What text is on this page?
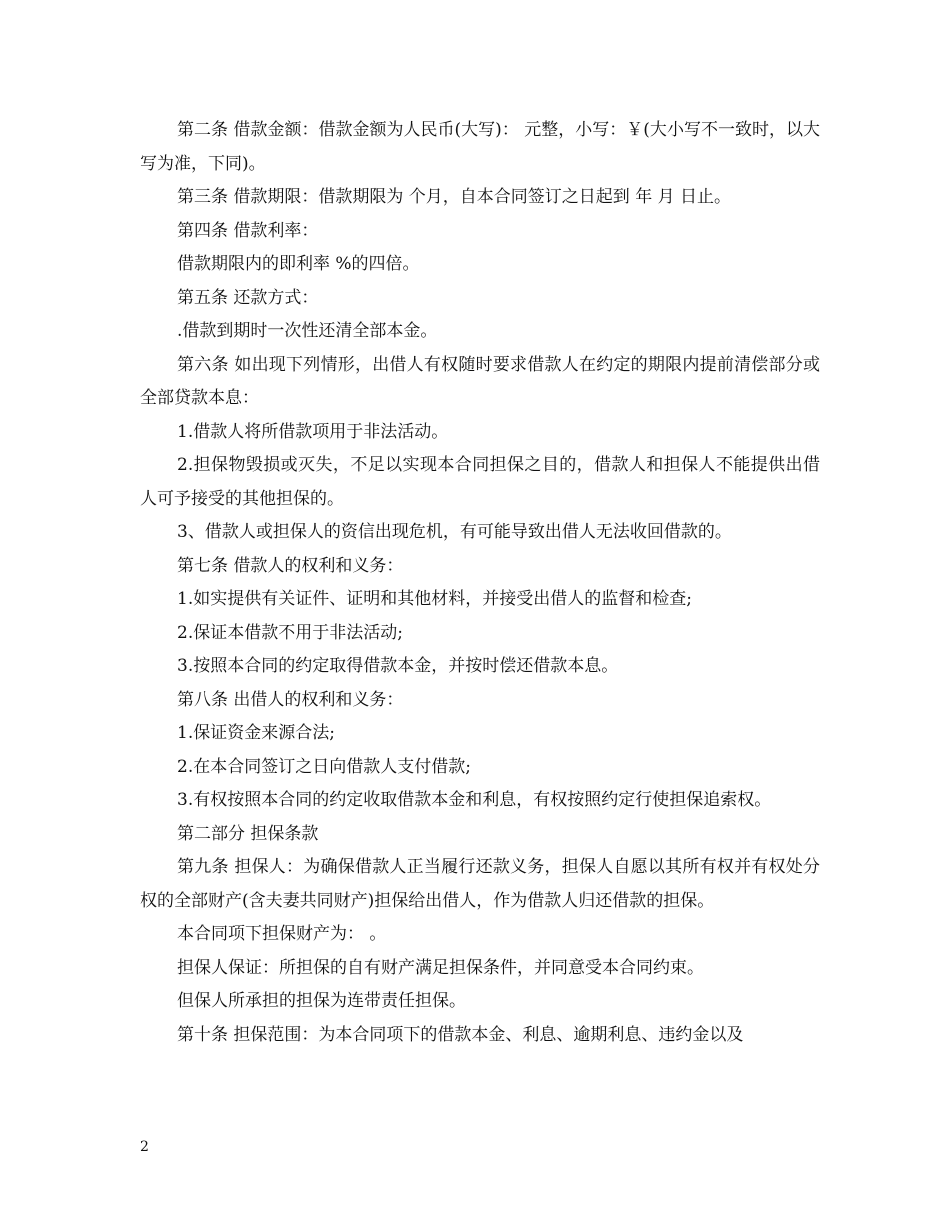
第二条 借款金额：借款金额为人民币(大写)： 元整，小写：￥(大小写不一致时，以大写为准，下同)。

第三条 借款期限：借款期限为 个月，自本合同签订之日起到 年 月 日止。

第四条 借款利率：

借款期限内的即利率 %的四倍。

第五条 还款方式：

.借款到期时一次性还清全部本金。

第六条 如出现下列情形，出借人有权随时要求借款人在约定的期限内提前清偿部分或全部贷款本息：

1.借款人将所借款项用于非法活动。

2.担保物毁损或灭失，不足以实现本合同担保之目的，借款人和担保人不能提供出借人可予接受的其他担保的。

3、借款人或担保人的资信出现危机，有可能导致出借人无法收回借款的。

第七条 借款人的权利和义务：

1.如实提供有关证件、证明和其他材料，并接受出借人的监督和检查;

2.保证本借款不用于非法活动;

3.按照本合同的约定取得借款本金，并按时偿还借款本息。

第八条 出借人的权利和义务：

1.保证资金来源合法;

2.在本合同签订之日向借款人支付借款;

3.有权按照本合同的约定收取借款本金和利息，有权按照约定行使担保追索权。

第二部分 担保条款

第九条 担保人：为确保借款人正当履行还款义务，担保人自愿以其所有权并有权处分权的全部财产(含夫妻共同财产)担保给出借人，作为借款人归还借款的担保。

本合同项下担保财产为： 。

担保人保证：所担保的自有财产满足担保条件，并同意受本合同约束。

但保人所承担的担保为连带责任担保。

第十条 担保范围：为本合同项下的借款本金、利息、逾期利息、违约金以及

2
